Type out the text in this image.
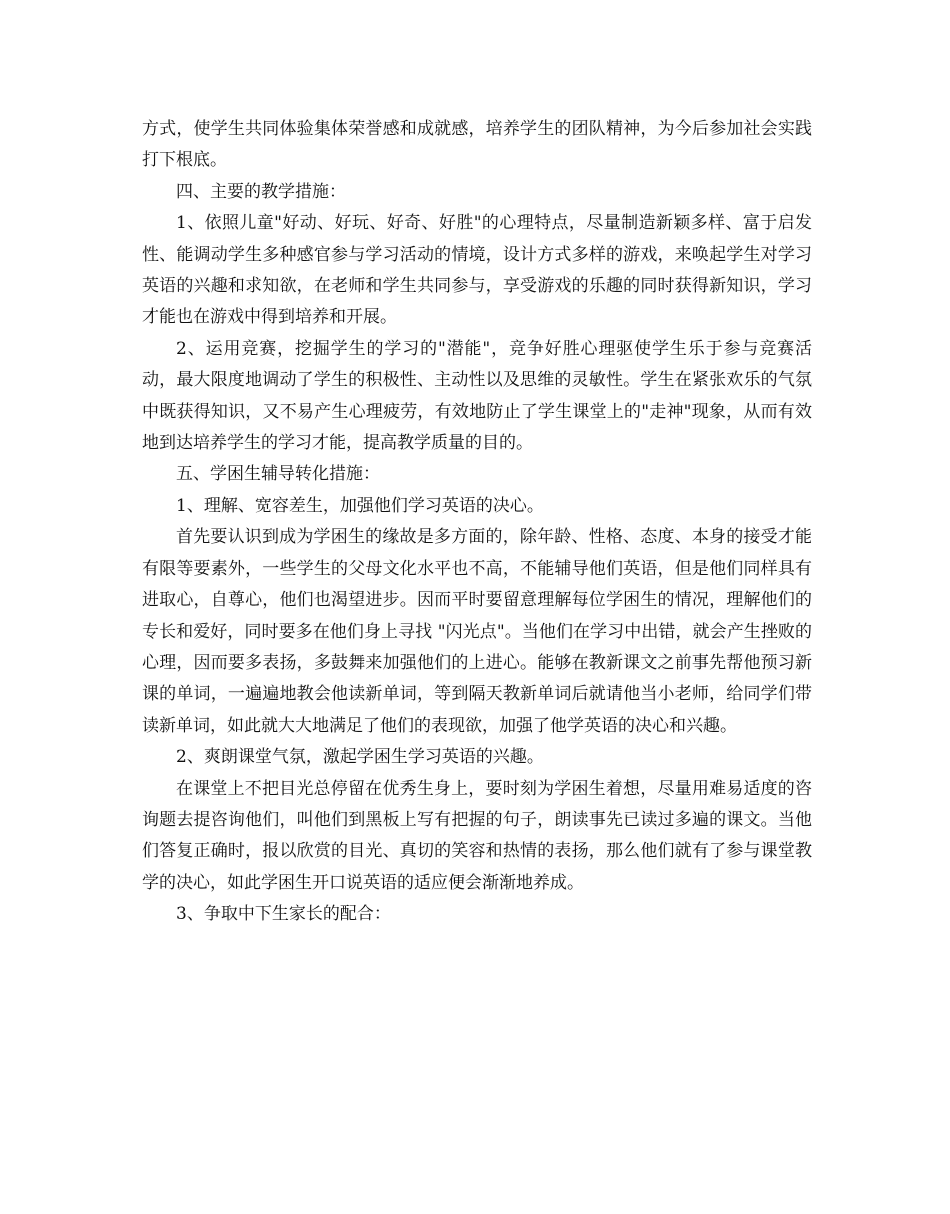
方式，使学生共同体验集体荣誉感和成就感，培养学生的团队精神，为今后参加社会实践打下根底。

四、主要的教学措施：

1、依照儿童"好动、好玩、好奇、好胜"的心理特点，尽量制造新颖多样、富于启发性、能调动学生多种感官参与学习活动的情境，设计方式多样的游戏，来唤起学生对学习英语的兴趣和求知欲，在老师和学生共同参与，享受游戏的乐趣的同时获得新知识，学习才能也在游戏中得到培养和开展。

2、运用竞赛，挖掘学生的学习的"潜能"，竞争好胜心理驱使学生乐于参与竞赛活动，最大限度地调动了学生的积极性、主动性以及思维的灵敏性。学生在紧张欢乐的气氛中既获得知识，又不易产生心理疲劳，有效地防止了学生课堂上的"走神"现象，从而有效地到达培养学生的学习才能，提高教学质量的目的。

五、学困生辅导转化措施：

1、理解、宽容差生，加强他们学习英语的决心。

首先要认识到成为学困生的缘故是多方面的，除年龄、性格、态度、本身的接受才能有限等要素外，一些学生的父母文化水平也不高，不能辅导他们英语，但是他们同样具有进取心，自尊心，他们也渴望进步。因而平时要留意理解每位学困生的情况，理解他们的专长和爱好，同时要多在他们身上寻找 "闪光点"。当他们在学习中出错，就会产生挫败的心理，因而要多表扬，多鼓舞来加强他们的上进心。能够在教新课文之前事先帮他预习新课的单词，一遍遍地教会他读新单词，等到隔天教新单词后就请他当小老师，给同学们带读新单词，如此就大大地满足了他们的表现欲，加强了他学英语的决心和兴趣。

2、爽朗课堂气氛，激起学困生学习英语的兴趣。

在课堂上不把目光总停留在优秀生身上，要时刻为学困生着想，尽量用难易适度的咨询题去提咨询他们，叫他们到黑板上写有把握的句子，朗读事先已读过多遍的课文。当他们答复正确时，报以欣赏的目光、真切的笑容和热情的表扬，那么他们就有了参与课堂教学的决心，如此学困生开口说英语的适应便会渐渐地养成。

3、争取中下生家长的配合：
